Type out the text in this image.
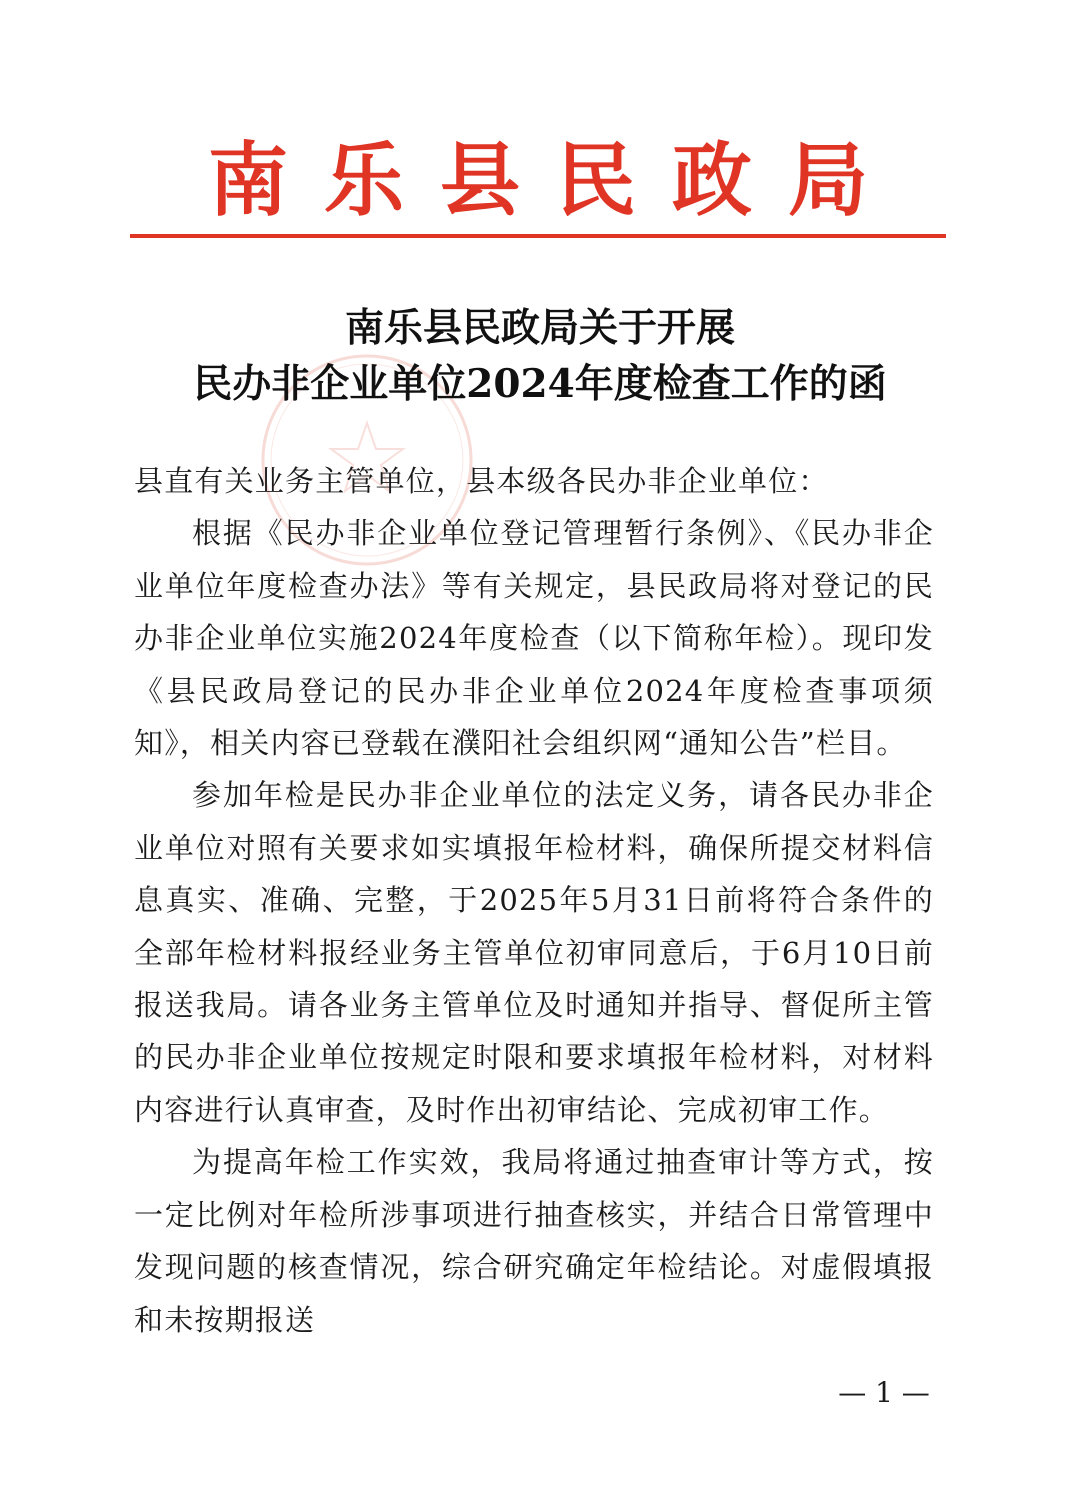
南 乐 县 民 政 局
南乐县民政局关于开展
民办非企业单位2024年度检查工作的函

县直有关业务主管单位，县本级各民办非企业单位：

根据《民办非企业单位登记管理暂行条例》、《民办非企业单位年度检查办法》等有关规定，县民政局将对登记的民办非企业单位实施2024年度检查（以下简称年检）。现印发《县民政局登记的民办非企业单位2024年度检查事项须知》，相关内容已登载在濮阳社会组织网“通知公告”栏目。

参加年检是民办非企业单位的法定义务，请各民办非企业单位对照有关要求如实填报年检材料，确保所提交材料信息真实、准确、完整，于2025年5月31日前将符合条件的全部年检材料报经业务主管单位初审同意后，于6月10日前报送我局。请各业务主管单位及时通知并指导、督促所主管的民办非企业单位按规定时限和要求填报年检材料，对材料内容进行认真审查，及时作出初审结论、完成初审工作。

为提高年检工作实效，我局将通过抽查审计等方式，按一定比例对年检所涉事项进行抽查核实，并结合日常管理中发现问题的核查情况，综合研究确定年检结论。对虚假填报和未按期报送

— 1 —
